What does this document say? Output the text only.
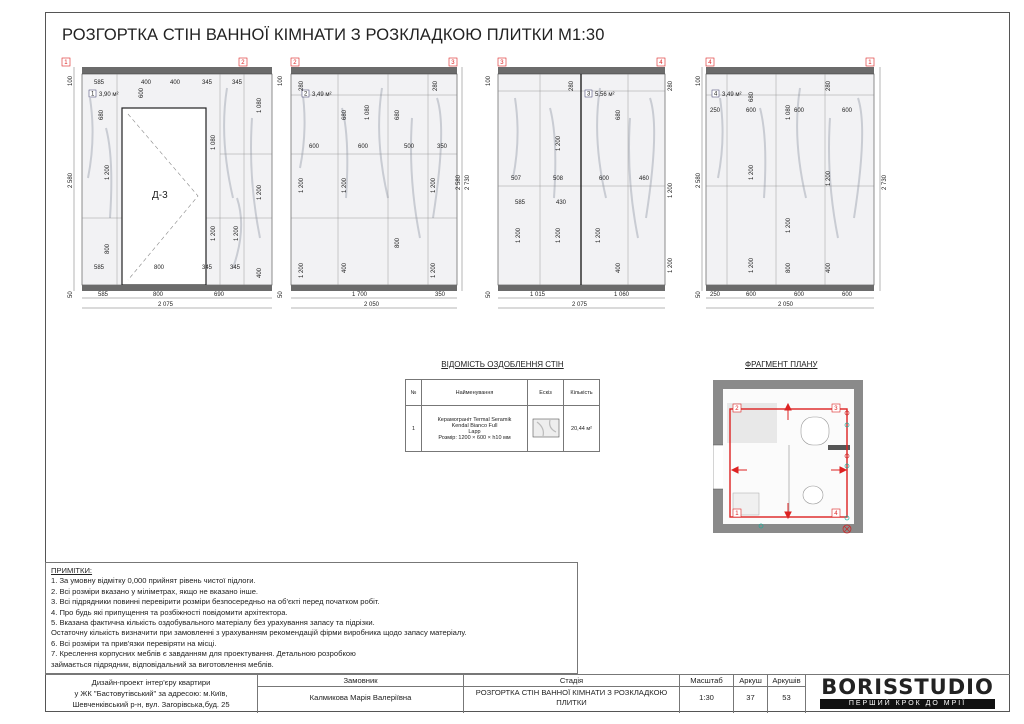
РОЗГОРТКА СТІН ВАННОЇ КІМНАТИ З РОЗКЛАДКОЮ ПЛИТКИ М1:30
1	2
Д-3
1 3,90 м²
585	400	400	345	345
680
600
1 200
800
1 080
1 200	1 200
2 580
100
50
1 080
1 200
400
585	800	345	345
585	800	690
2 075
2	3
2 3,49 м²
600	600	500	350
280
680	1 080	680
1 200	1 200
1 200	400
800
1 200
1 200
280
100
50
2 580 2 730
1 700	350
2 050
3	4
3 5,56 м²
507	508	600	460
585	430
280
1 200
680
1 200	1 200
1 200
400
1 200
1 200
280
100
50	1 015	1 060
2 075
4	1
4 3,49 м²
250	600	600	600
680
1 200
1 080
1 200
1 200
280
1 200
800	400
2 580
100
50
2 730
250	600	600	600
2 050
ВІДОМІСТЬ ОЗДОБЛЕННЯ СТІН
№	Найменування	Ескіз	Кількість
1	Керамограніт Termal Seramik
Kendal Bianco Full
Lapp
Розмір: 1200 × 600 × h10 мм		20,44 м²
ФРАГМЕНТ ПЛАНУ
2	3
1	4
ПРИМІТКИ:
1. За умовну відмітку 0,000 прийнят рівень чистої підлоги.
2. Всі розміри вказано у міліметрах, якщо не вказано інше.
3. Всі підрядники повинні перевірити розміри безпосередньо на об'єкті перед початком робіт.
4. Про будь які припущення та розбіжності повідомити архітектора.
5. Вказана фактична кількість оздобувального матеріалу без урахування запасу та підрізки.
Остаточну кількість визначити при замовленні з урахуванням рекомендацій фірми виробника щодо запасу матеріалу.
6. Всі розміри та прив'язки перевіряти на місці.
7. Креслення корпусних меблів є завданням для проектування. Детальною розробкою
займається підрядник, відповідальний за виготовлення меблів.
Дизайн-проект інтер'єру квартири
у ЖК "Бастовутівський" за адресою: м.Київ,
Шевченківський р-н, вул. Загорівська,буд. 25
Замовник
Калмикова Марія Валеріївна
Стадія
РОЗГОРТКА СТІН ВАННОЇ КІМНАТИ З РОЗКЛАДКОЮ
ПЛИТКИ
Масштаб
1:30
Аркуш
37
Аркушів
53	BORISSTUDIO
ПЕРШИЙ КРОК ДО МРІЇ
